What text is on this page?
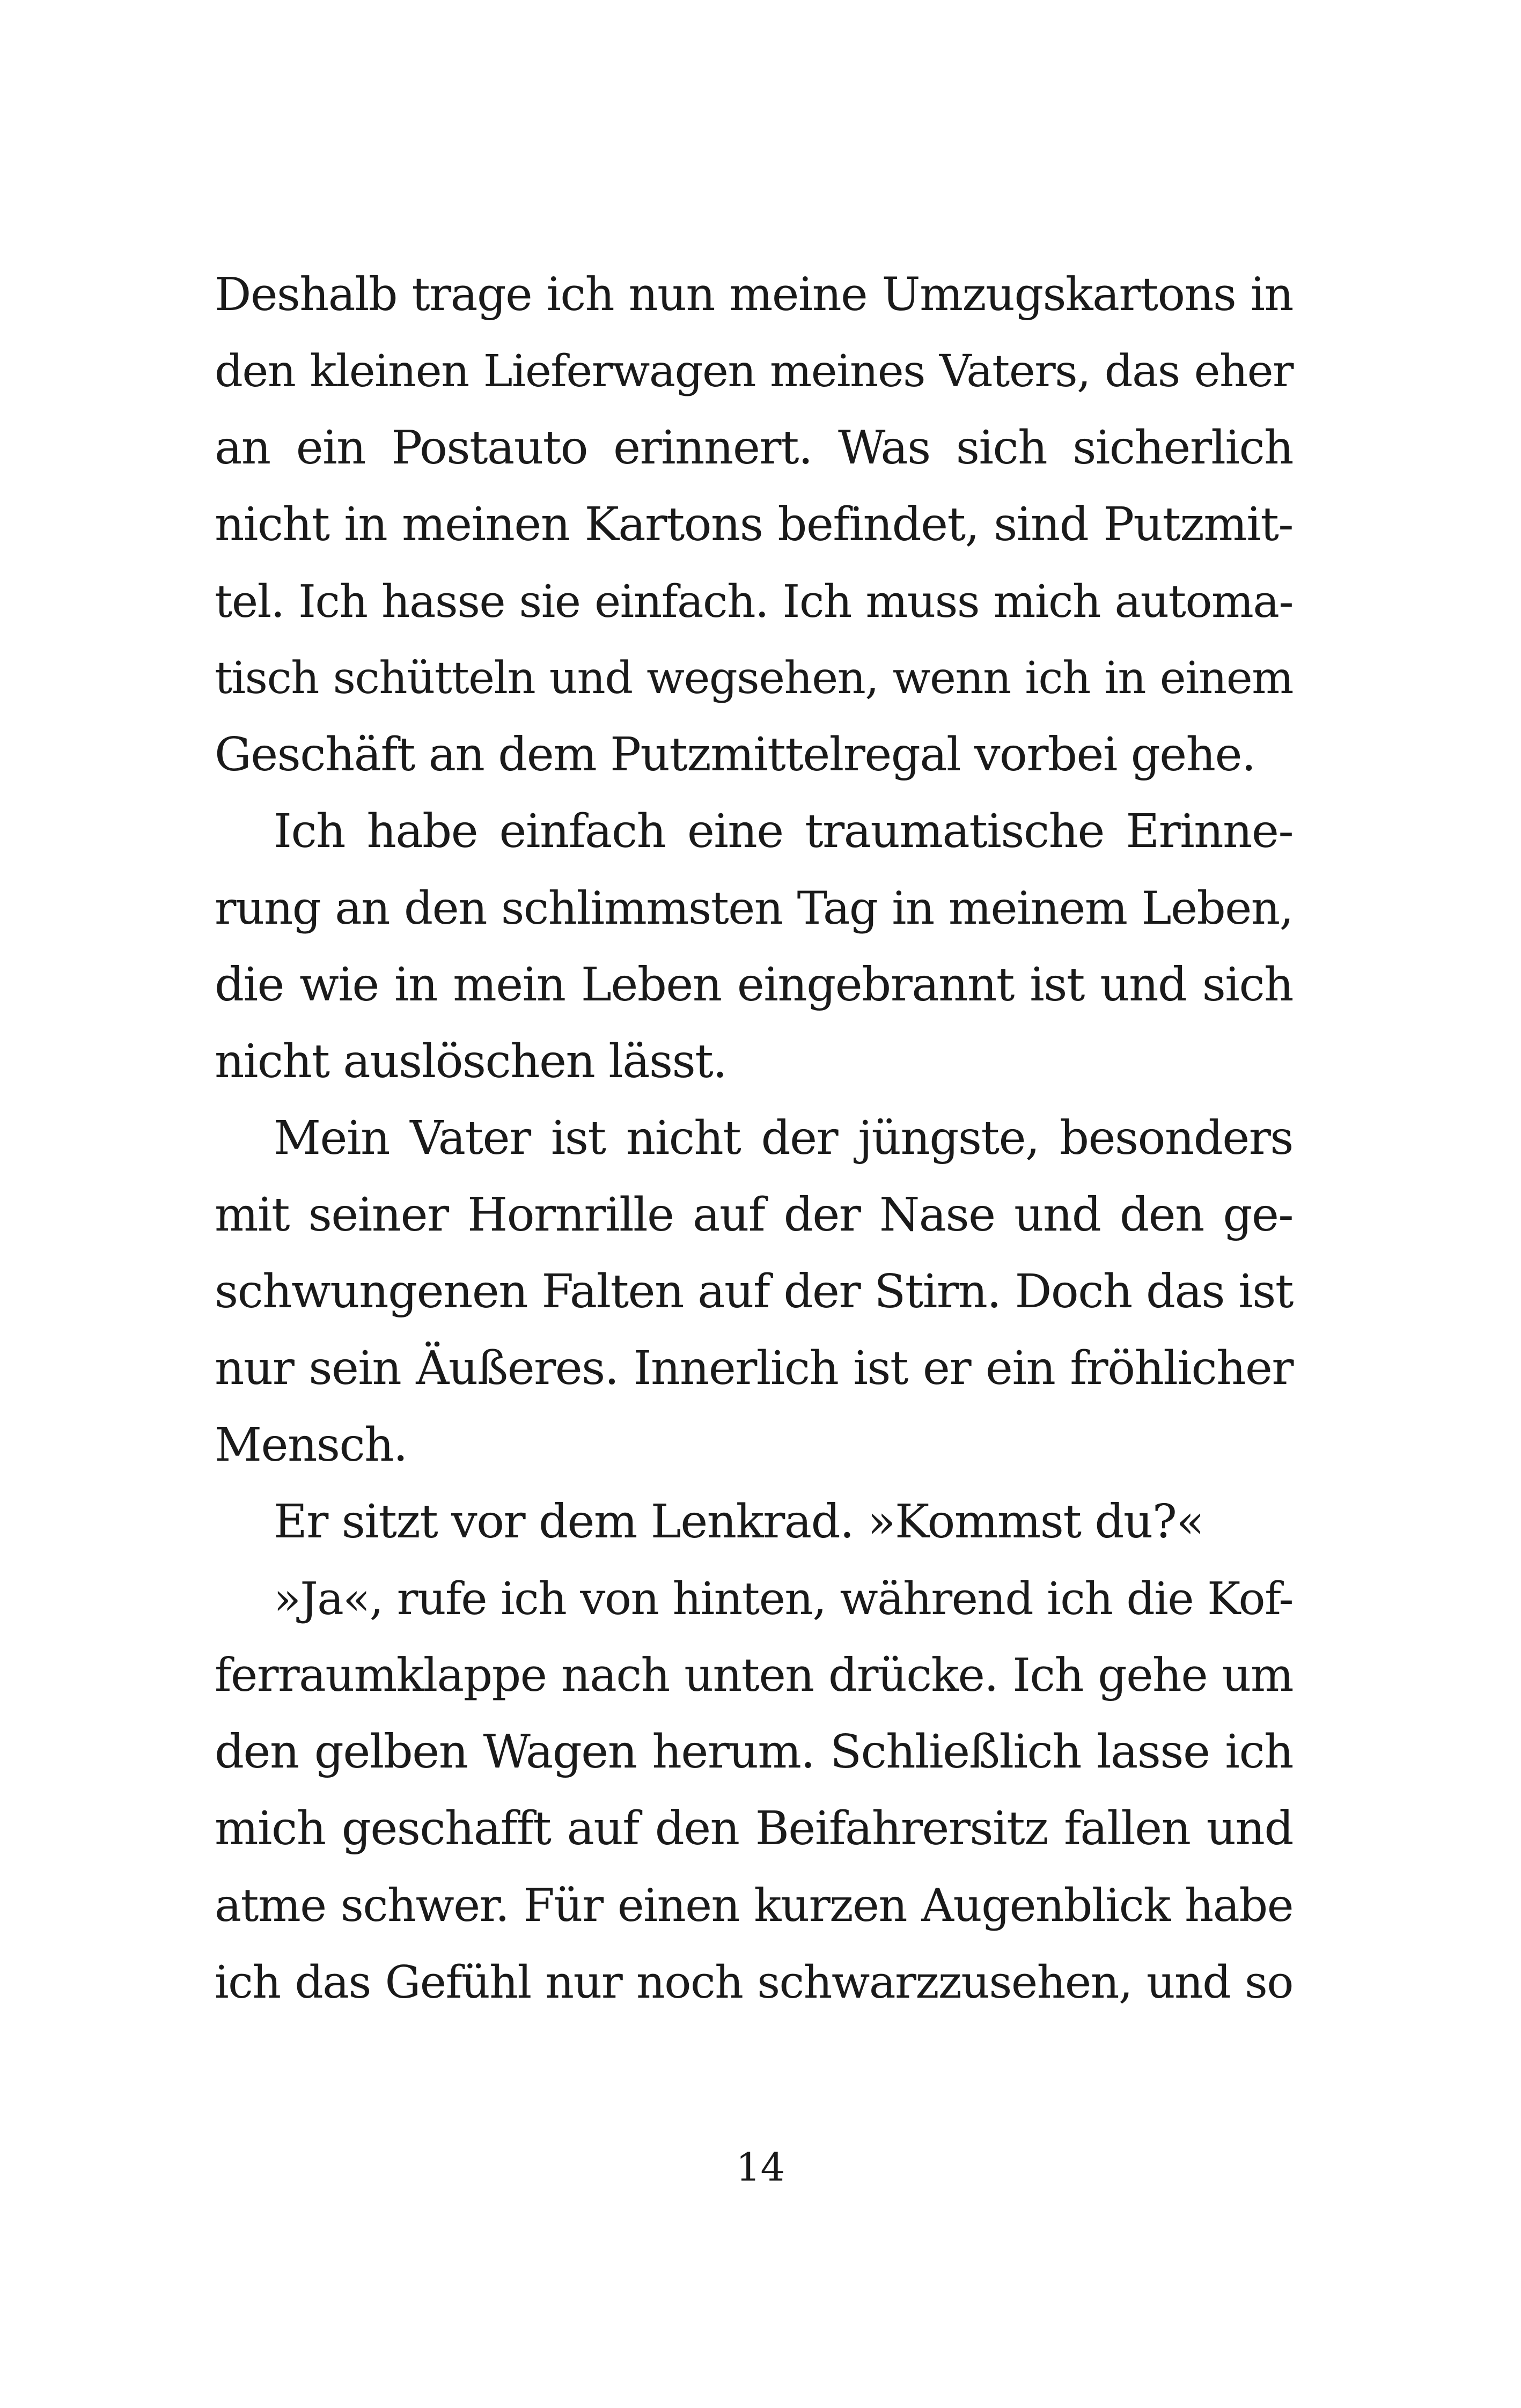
Deshalb trage ich nun meine Umzugskartons in
den kleinen Lieferwagen meines Vaters, das eher
an ein Postauto erinnert. Was sich sicherlich
nicht in meinen Kartons befindet, sind Putzmit-
tel. Ich hasse sie einfach. Ich muss mich automa-
tisch schütteln und wegsehen, wenn ich in einem
Geschäft an dem Putzmittelregal vorbei gehe.
Ich habe einfach eine traumatische Erinne-
rung an den schlimmsten Tag in meinem Leben,
die wie in mein Leben eingebrannt ist und sich
nicht auslöschen lässt.
Mein Vater ist nicht der jüngste, besonders
mit seiner Hornrille auf der Nase und den ge-
schwungenen Falten auf der Stirn. Doch das ist
nur sein Äußeres. Innerlich ist er ein fröhlicher
Mensch.
Er sitzt vor dem Lenkrad. »Kommst du?«
»Ja«, rufe ich von hinten, während ich die Kof-
ferraumklappe nach unten drücke. Ich gehe um
den gelben Wagen herum. Schließlich lasse ich
mich geschafft auf den Beifahrersitz fallen und
atme schwer. Für einen kurzen Augenblick habe
ich das Gefühl nur noch schwarzzusehen, und so
14
